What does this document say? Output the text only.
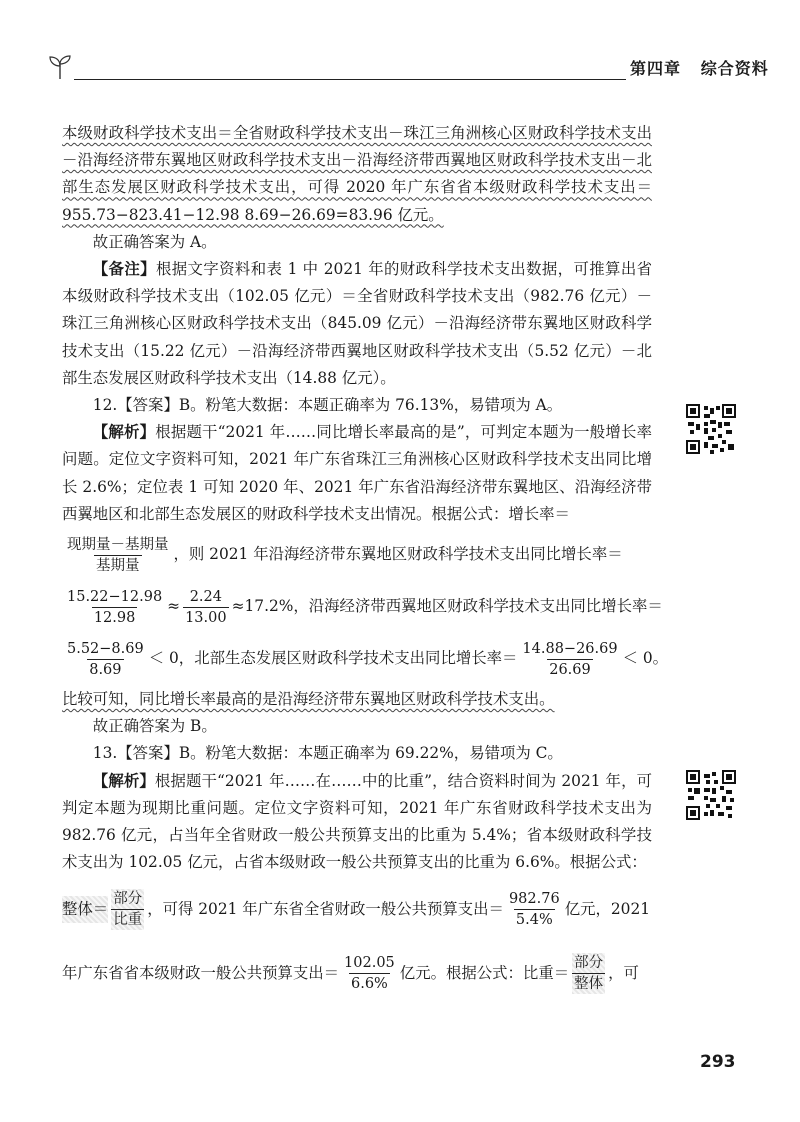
第四章 综合资料

本级财政科学技术支出＝全省财政科学技术支出－珠江三角洲核心区财政科学技术支出－沿海经济带东翼地区财政科学技术支出－沿海经济带西翼地区财政科学技术支出－北部生态发展区财政科学技术支出，可得 2020 年广东省省本级财政科学技术支出＝955.73−823.41−12.98 8.69−26.69=83.96 亿元。

故正确答案为 A。

【备注】根据文字资料和表 1 中 2021 年的财政科学技术支出数据，可推算出省本级财政科学技术支出（102.05 亿元）＝全省财政科学技术支出（982.76 亿元）－珠江三角洲核心区财政科学技术支出（845.09 亿元）－沿海经济带东翼地区财政科学技术支出（15.22 亿元）－沿海经济带西翼地区财政科学技术支出（5.52 亿元）－北部生态发展区财政科学技术支出（14.88 亿元）。

12.【答案】B。粉笔大数据：本题正确率为 76.13%，易错项为 A。

【解析】根据题干“2021 年……同比增长率最高的是”，可判定本题为一般增长率问题。定位文字资料可知，2021 年广东省珠江三角洲核心区财政科学技术支出同比增长 2.6%；定位表 1 可知 2020 年、2021 年广东省沿海经济带东翼地区、沿海经济带西翼地区和北部生态发展区的财政科学技术支出情况。根据公式：增长率＝

$\frac{\text{现期量－基期量}}{\text{基期量}}$ ，则 2021 年沿海经济带东翼地区财政科学技术支出同比增长率＝
$\frac{15.22-12.98}{12.98} \approx \frac{2.24}{13.00} \approx 17.2\%$，沿海经济带西翼地区财政科学技术支出同比增长率＝
$\frac{5.52-8.69}{8.69} < 0$，北部生态发展区财政科学技术支出同比增长率＝ $\frac{14.88-26.69}{26.69} < 0$。

比较可知，同比增长率最高的是沿海经济带东翼地区财政科学技术支出。

故正确答案为 B。

13.【答案】B。粉笔大数据：本题正确率为 69.22%，易错项为 C。

【解析】根据题干“2021 年……在……中的比重”，结合资料时间为 2021 年，可判定本题为现期比重问题。定位文字资料可知，2021 年广东省财政科学技术支出为 982.76 亿元，占当年全省财政一般公共预算支出的比重为 5.4%；省本级财政科学技术支出为 102.05 亿元，占省本级财政一般公共预算支出的比重为 6.6%。根据公式：

整体＝ $\frac{\text{部分}}{\text{比重}}$ ，可得 2021 年广东省全省财政一般公共预算支出＝ $\frac{982.76}{5.4\%}$ 亿元，2021
年广东省省本级财政一般公共预算支出＝ $\frac{102.05}{6.6\%}$ 亿元。根据公式：比重＝ $\frac{\text{部分}}{\text{整体}}$ ，可
293
